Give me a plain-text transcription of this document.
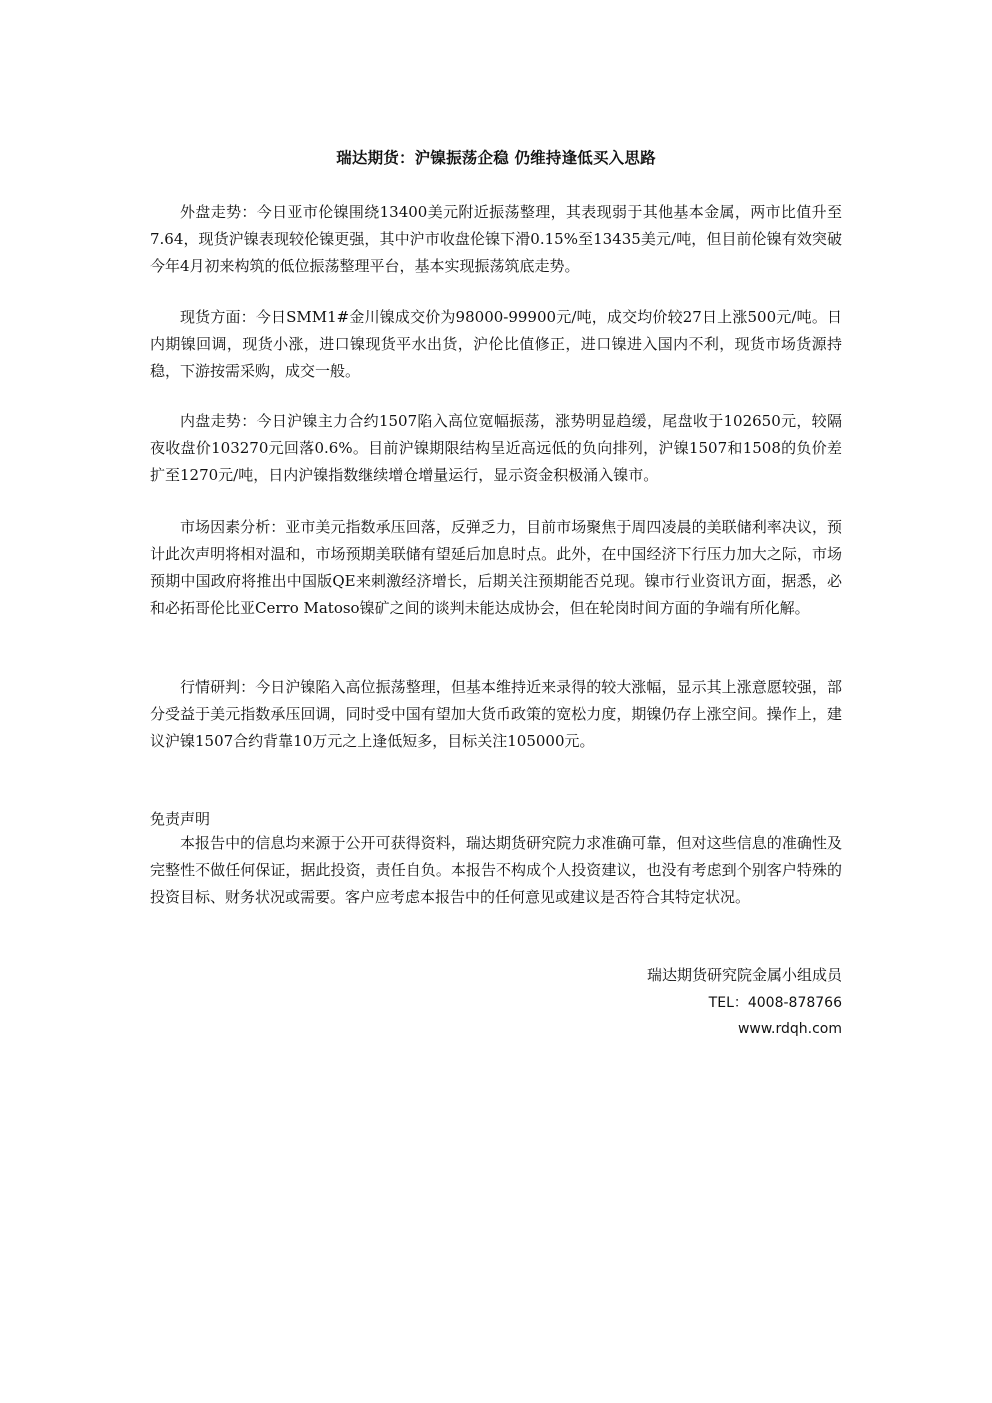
瑞达期货：沪镍振荡企稳 仍维持逢低买入思路
外盘走势：今日亚市伦镍围绕13400美元附近振荡整理，其表现弱于其他基本金属，两市比值升至7.64，现货沪镍表现较伦镍更强，其中沪市收盘伦镍下滑0.15%至13435美元/吨，但目前伦镍有效突破今年4月初来构筑的低位振荡整理平台，基本实现振荡筑底走势。
现货方面：今日SMM1#金川镍成交价为98000-99900元/吨，成交均价较27日上涨500元/吨。日内期镍回调，现货小涨，进口镍现货平水出货，沪伦比值修正，进口镍进入国内不利，现货市场货源持稳，下游按需采购，成交一般。
内盘走势：今日沪镍主力合约1507陷入高位宽幅振荡，涨势明显趋缓，尾盘收于102650元，较隔夜收盘价103270元回落0.6%。目前沪镍期限结构呈近高远低的负向排列，沪镍1507和1508的负价差扩至1270元/吨，日内沪镍指数继续增仓增量运行，显示资金积极涌入镍市。
市场因素分析：亚市美元指数承压回落，反弹乏力，目前市场聚焦于周四凌晨的美联储利率决议，预计此次声明将相对温和，市场预期美联储有望延后加息时点。此外，在中国经济下行压力加大之际，市场预期中国政府将推出中国版QE来刺激经济增长，后期关注预期能否兑现。镍市行业资讯方面，据悉，必和必拓哥伦比亚Cerro Matoso镍矿之间的谈判未能达成协会，但在轮岗时间方面的争端有所化解。
行情研判：今日沪镍陷入高位振荡整理，但基本维持近来录得的较大涨幅，显示其上涨意愿较强，部分受益于美元指数承压回调，同时受中国有望加大货币政策的宽松力度，期镍仍存上涨空间。操作上，建议沪镍1507合约背靠10万元之上逢低短多，目标关注105000元。
免责声明
本报告中的信息均来源于公开可获得资料，瑞达期货研究院力求准确可靠，但对这些信息的准确性及完整性不做任何保证，据此投资，责任自负。本报告不构成个人投资建议，也没有考虑到个别客户特殊的投资目标、财务状况或需要。客户应考虑本报告中的任何意见或建议是否符合其特定状况。
瑞达期货研究院金属小组成员
TEL：4008-878766
www.rdqh.com
